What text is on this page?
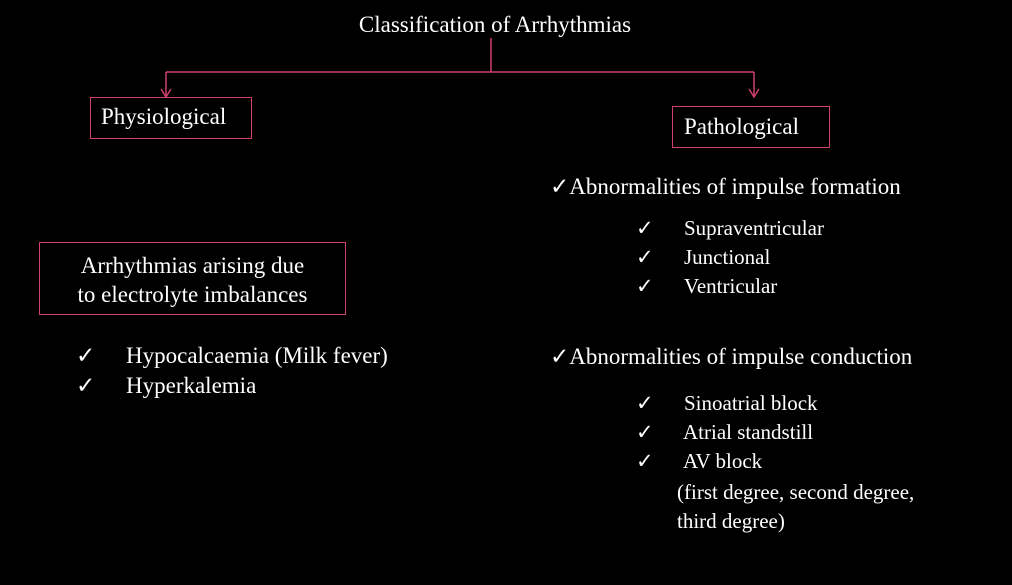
Classification of Arrhythmias
Physiological
Arrhythmias arising due
to electrolyte imbalances
✓ Hypocalcaemia (Milk fever)
✓ Hyperkalemia
Pathological
✓Abnormalities of impulse formation
✓ Supraventricular
✓ Junctional
✓ Ventricular
✓Abnormalities of impulse conduction
✓ Sinoatrial block
✓ Atrial standstill
✓ AV block
(first degree, second degree,
third degree)
